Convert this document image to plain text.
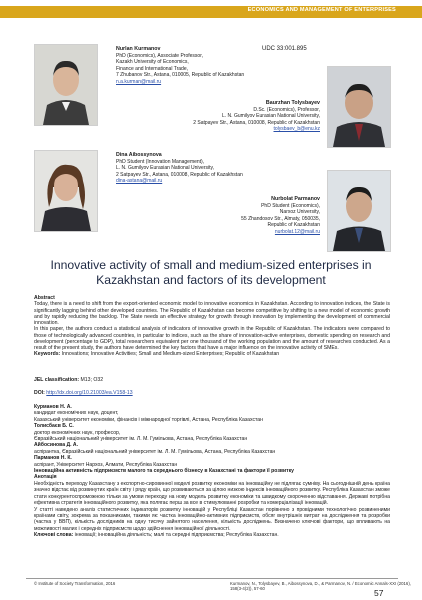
ECONOMICS AND MANAGEMENT OF ENTERPRISES
Nurlan Kurmanov
PhD (Economics), Associate Professor,
Kazakh University of Economics,
Finance and International Trade,
7 Zhubanov Str., Astana, 010005, Republic of Kazakhstan
n.a.kurman@mail.ru
UDC 33:001.895
Baurzhan Tolysbayev
D.Sc. (Economics), Professor,
L. N. Gumilyov Eurasian National University,
2 Satpayev Str., Astana, 010008, Republic of Kazakhstan
tolysbaev_b@enu.kz
Dina Aibossynova
PhD Student (Innovation Management),
L. N. Gumilyov Eurasian National University,
2 Satpayev Str., Astana, 010008, Republic of Kazakhstan
dina-astana@mail.ru
Nurbolat Parmanov
PhD Student (Economics),
Narxoz University,
55 Zhandosov Str., Almaty, 050035,
Republic of Kazakhstan
nurbolat.12@mail.ru
Innovative activity of small and medium-sized enterprises in Kazakhstan and factors of its development
Abstract
Today, there is a need to shift from the export-oriented economic model to innovative economics in Kazakhstan. According to innovation indices, the State is significantly lagging behind other developed countries. The Republic of Kazakhstan can become competitive by shifting to a new model of economic growth and by rapidly reducing the backlog. The State needs an effective strategy for growth through innovation by implementing the development of commercial innovation.
In this paper, the authors conduct a statistical analysis of indicators of innovative growth in the Republic of Kazakhstan. The indicators were compared to those of technologically advanced countries, in particular to indices, such as the share of innovation-active enterprises, domestic spending on research and development (percentage to GDP), total researchers equivalent per one thousand of the working population and the amount of researches conducted. As a result of the present study, the authors have determined the key factors that have a major influence on the innovative activity of SMEs.
Keywords: Innovations; Innovative Activities; Small and Medium-sized Enterprises; Republic of Kazakhstan
JEL classification: M13; O32
DOI: http://dx.doi.org/10.21003/ea.V158-13
Курманов Н. А.
кандидат економічних наук, доцент,
Казахський університет економіки, фінансів і міжнародної торгівлі, Астана, Республіка Казахстан
Толисбаєв Б. С.
доктор економічних наук, професор,
Євразійський національний університет ім. Л. М. Гумільова, Астана, Республіка Казахстан
Айбосинова Д. А.
аспірантка, Євразійський національний університет ім. Л. М. Гумільова, Астана, Республіка Казахстан
Парманов Н. К.
аспірант, Університет Нархоз, Алмати, Республіка Казахстан
Інноваційна активність підприємств малого та середнього бізнесу в Казахстані та фактори її розвитку
Анотація
Необхідність переходу Казахстану з експортно-сировинної моделі розвитку економіки на інноваційну не підлягає сумніву. На сьогоднішній день країна значно відстає від розвинутих країн світу і ряду країн, що розвиваються за цілою низкою індексів інноваційного розвитку. Республіка Казахстан зможе стати конкурентоспроможною тільки за умови переходу на нову модель розвитку економіки та швидкому скороченню відставання. Державі потрібна ефективна стратегія інноваційного розвитку, яка полягає перш за все в стимулюванні розробки та комерціалізації інновацій.
У статті наведено аналіз статистичних індикаторів розвитку інновацій у Республіці Казахстан порівняно з провідними технологічно розвиненими країнами світу, зокрема за показниками, такими як: частка інноваційно-активних підприємств, обсяг внутрішніх витрат на дослідження та розробки (частка у ВВП), кількість дослідників на одну тисячу зайнятого населення, кількість досліджень. Визначено ключові фактори, що впливають на можливості малих і середніх підприємств щодо здійснення інноваційної діяльності.
Ключові слова: інновації; інноваційна діяльність; малі та середні підприємства; Республіка Казахстан.
© Institute of Society Transformation, 2016	Kurmanov, N., Tolysbayev, B., Aibossynova, D., & Parmanov, N. / Economic Annals-XXI (2016), 158(3-4(2)), 57-60	57
